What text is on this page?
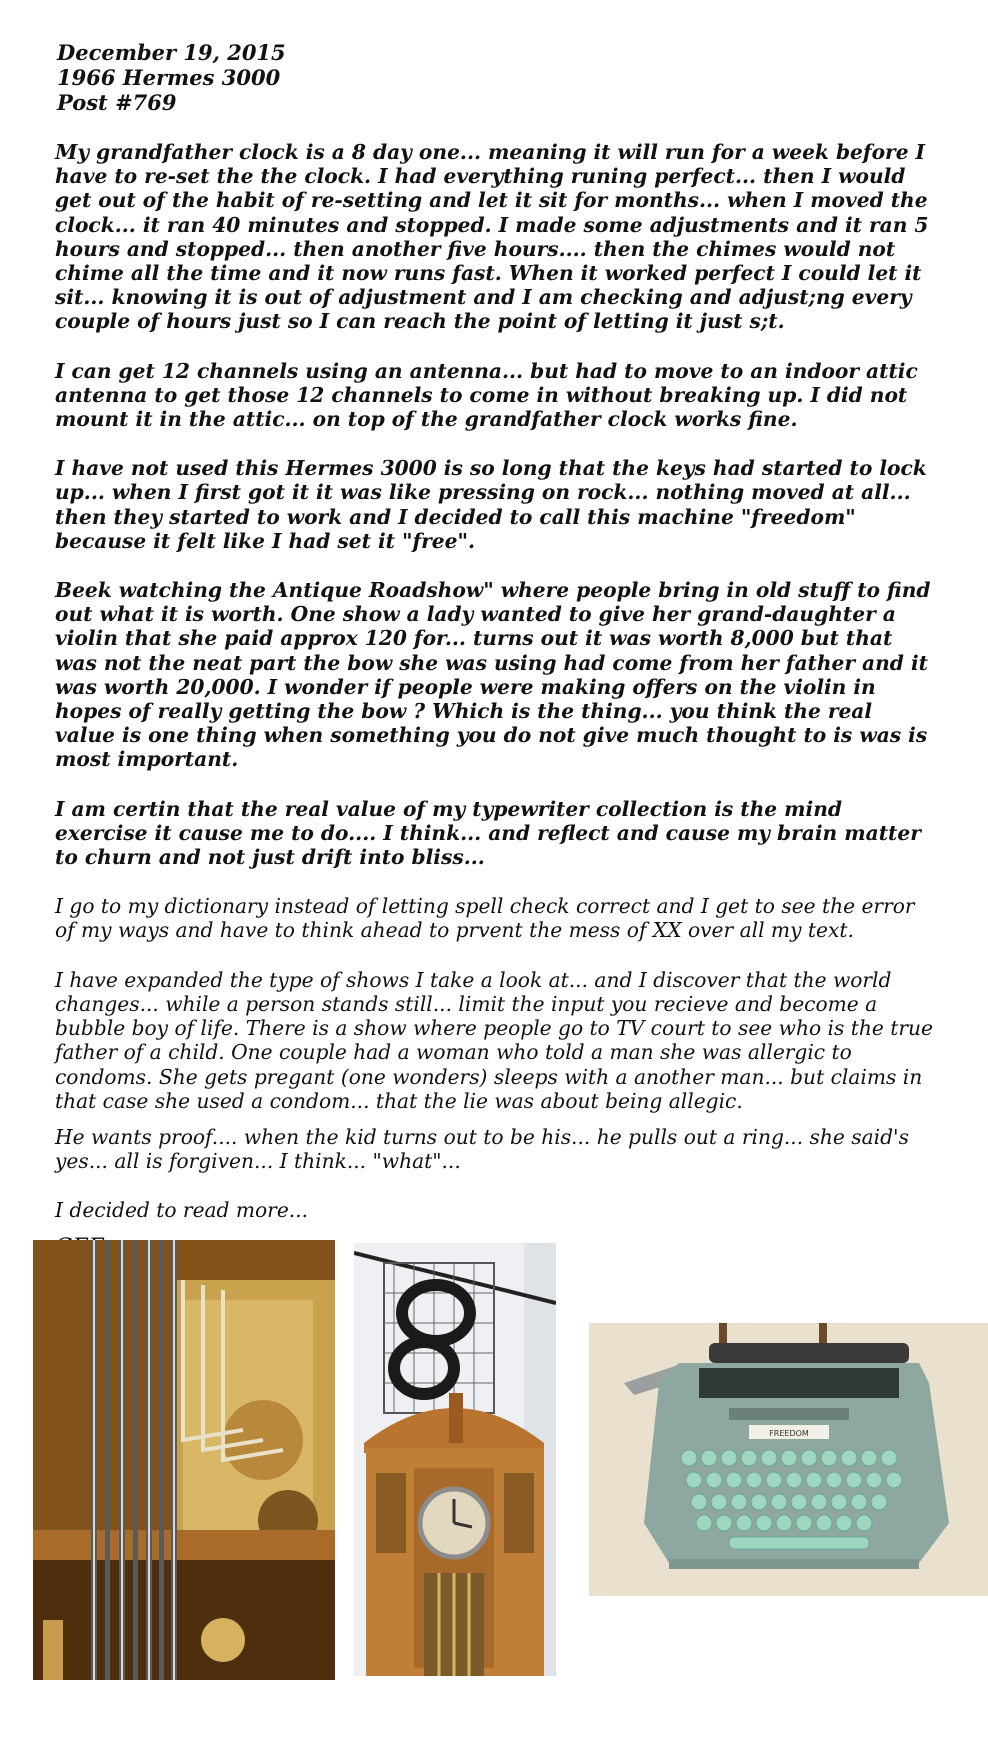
December 19, 2015
1966 Hermes 3000
Post #769

My grandfather clock is a 8 day one... meaning it will run for a week before I have to re-set the the clock. I had everything runing perfect... then I would get out of the habit of re-setting and let it sit for months... when I moved the clock... it ran 40 minutes and stopped. I made some adjustments and it ran 5 hours and stopped... then another five hours.... then the chimes would not chime all the time and it now runs fast. When it worked perfect I could let it sit... knowing it is out of adjustment and I am checking and adjust;ng every couple of hours just so I can reach the point of letting it just s;t.

I can get 12 channels using an antenna... but had to move to an indoor attic antenna to get those 12 channels to come in without breaking up. I did not mount it in the attic... on top of the grandfather clock works fine.

I have not used this Hermes 3000 is so long that the keys had started to lock up... when I first got it it was like pressing on rock... nothing moved at all... then they started to work and I decided to call this machine "freedom" because it felt like I had set it "free".

Beek watching the Antique Roadshow" where people bring in old stuff to find out what it is worth. One show a lady wanted to give her grand-daughter a violin that she paid approx 120 for... turns out it was worth 8,000 but that was not the neat part the bow she was using had come from her father and it was worth 20,000. I wonder if people were making offers on the violin in hopes of really getting the bow ? Which is the thing... you think the real value is one thing when something you do not give much thought to is was is most important.

I am certin that the real value of my typewriter collection is the mind exercise it cause me to do.... I think... and reflect and cause my brain matter to churn and not just drift into bliss...

I go to my dictionary instead of letting spell check correct and I get to see the error of my ways and have to think ahead to prvent the mess of XX over all my text.

I have expanded the type of shows I take a look at... and I discover that the world changes... while a person stands still... limit the input you recieve and become a bubble boy of life. There is a show where people go to TV court to see who is the true father of a child. One couple had a woman who told a man she was allergic to condoms. She gets pregant (one wonders) sleeps with a another man... but claims in that case she used a condom... that the lie was about being allegic.

He wants proof.... when the kid turns out to be his... he pulls out a ring... she said's yes... all is forgiven... I think... "what"...

I decided to read more...

FREEDOM
